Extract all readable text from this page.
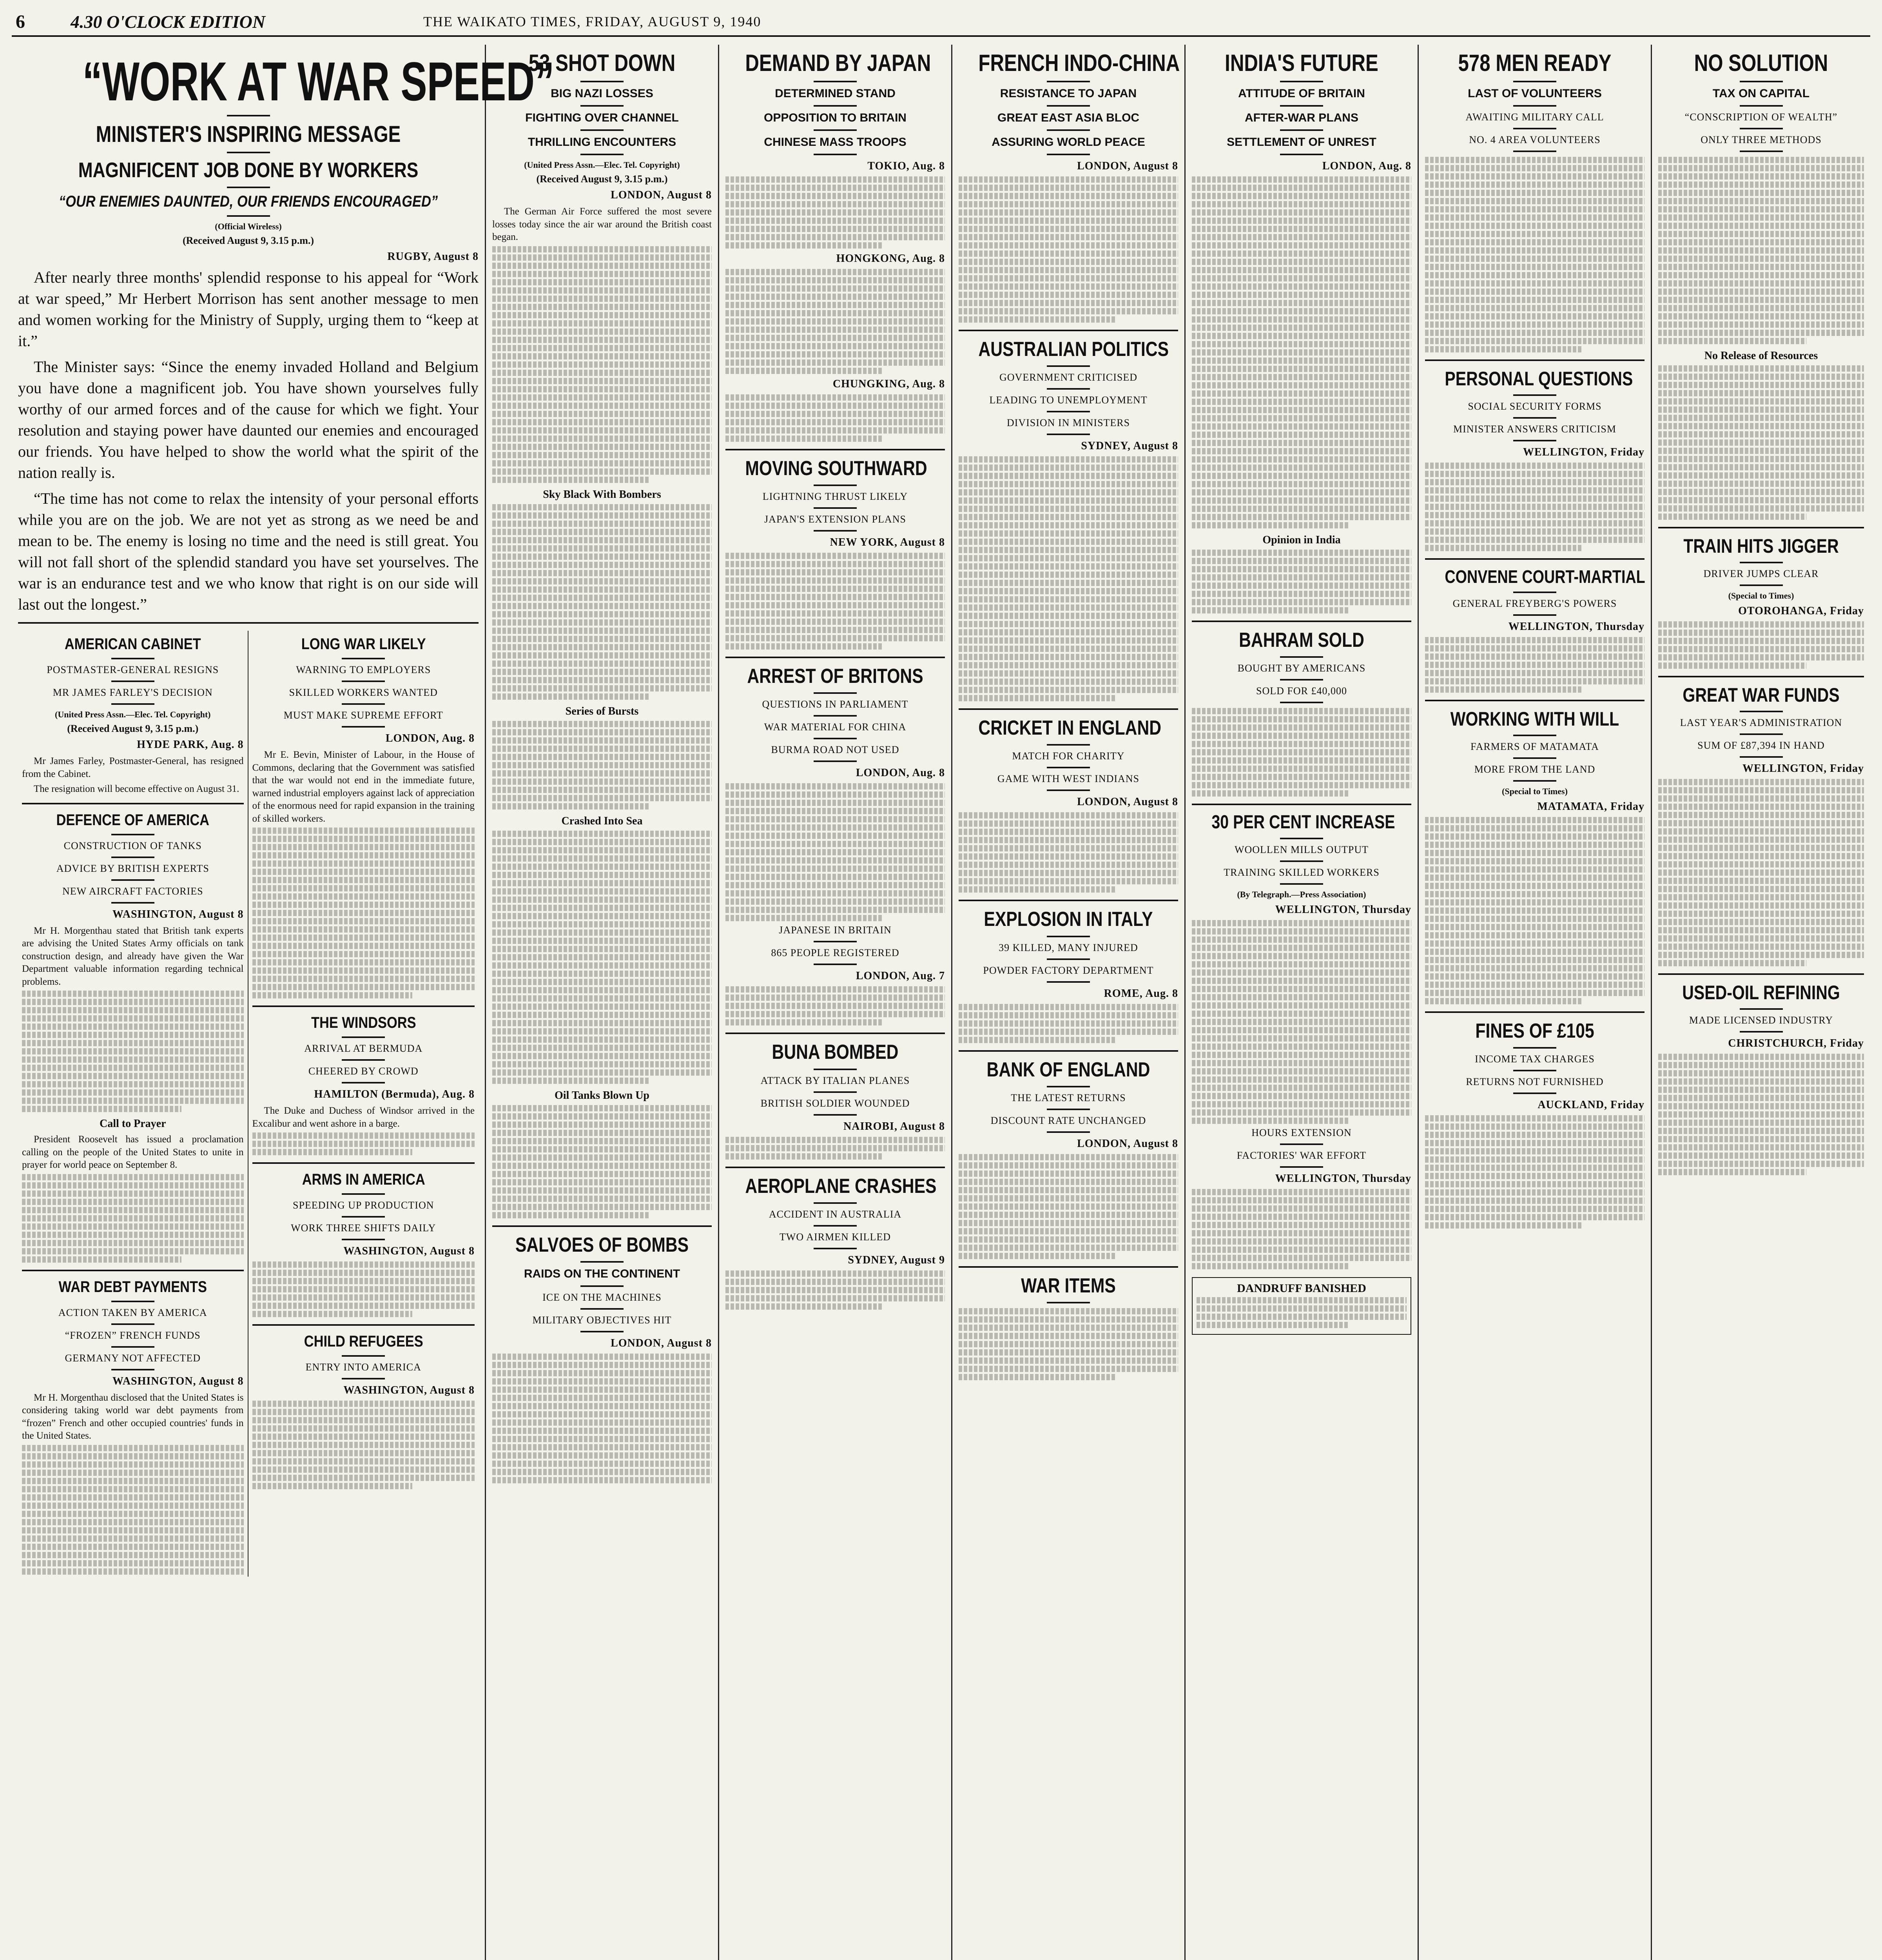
6	4.30 O'CLOCK EDITION	THE WAIKATO TIMES, FRIDAY, AUGUST 9, 1940
“WORK AT WAR SPEED”
MINISTER'S INSPIRING MESSAGE
MAGNIFICENT JOB DONE BY WORKERS
“OUR ENEMIES DAUNTED, OUR FRIENDS ENCOURAGED”
(Official Wireless)
(Received August 9, 3.15 p.m.)
RUGBY, August 8

After nearly three months' splendid response to his appeal for “Work at war speed,” Mr Herbert Morrison has sent another message to men and women working for the Ministry of Supply, urging them to “keep at it.”

The Minister says: “Since the enemy invaded Holland and Belgium you have done a magnificent job. You have shown yourselves fully worthy of our armed forces and of the cause for which we fight. Your resolution and staying power have daunted our enemies and encouraged our friends. You have helped to show the world what the spirit of the nation really is.

“The time has not come to relax the intensity of your personal efforts while you are on the job. We are not yet as strong as we need be and mean to be. The enemy is losing no time and the need is still great. You will not fall short of the splendid standard you have set yourselves. The war is an endurance test and we who know that right is on our side will last out the longest.”

AMERICAN CABINET
POSTMASTER-GENERAL RESIGNS
MR JAMES FARLEY'S DECISION
(United Press Assn.—Elec. Tel. Copyright)
(Received August 9, 3.15 p.m.)
HYDE PARK, Aug. 8

Mr James Farley, Postmaster-General, has resigned from the Cabinet.

The resignation will become effective on August 31.

DEFENCE OF AMERICA
CONSTRUCTION OF TANKS
ADVICE BY BRITISH EXPERTS
NEW AIRCRAFT FACTORIES
WASHINGTON, August 8

Mr H. Morgenthau stated that British tank experts are advising the United States Army officials on tank construction design, and already have given the War Department valuable information regarding technical problems.

Call to Prayer

President Roosevelt has issued a proclamation calling on the people of the United States to unite in prayer for world peace on September 8.

WAR DEBT PAYMENTS
ACTION TAKEN BY AMERICA
“FROZEN” FRENCH FUNDS
GERMANY NOT AFFECTED
WASHINGTON, August 8

Mr H. Morgenthau disclosed that the United States is considering taking world war debt payments from “frozen” French and other occupied countries' funds in the United States.

LONG WAR LIKELY
WARNING TO EMPLOYERS
SKILLED WORKERS WANTED
MUST MAKE SUPREME EFFORT
LONDON, Aug. 8

Mr E. Bevin, Minister of Labour, in the House of Commons, declaring that the Government was satisfied that the war would not end in the immediate future, warned industrial employers against lack of appreciation of the enormous need for rapid expansion in the training of skilled workers.

THE WINDSORS
ARRIVAL AT BERMUDA
CHEERED BY CROWD
HAMILTON (Bermuda), Aug. 8

The Duke and Duchess of Windsor arrived in the Excalibur and went ashore in a barge.

ARMS IN AMERICA
SPEEDING UP PRODUCTION
WORK THREE SHIFTS DAILY
WASHINGTON, August 8
CHILD REFUGEES
ENTRY INTO AMERICA
WASHINGTON, August 8
53 SHOT DOWN
BIG NAZI LOSSES
FIGHTING OVER CHANNEL
THRILLING ENCOUNTERS
(United Press Assn.—Elec. Tel. Copyright)
(Received August 9, 3.15 p.m.)
LONDON, August 8

The German Air Force suffered the most severe losses today since the air war around the British coast began.

Sky Black With Bombers
Series of Bursts
Crashed Into Sea
Oil Tanks Blown Up
SALVOES OF BOMBS
RAIDS ON THE CONTINENT
ICE ON THE MACHINES
MILITARY OBJECTIVES HIT
LONDON, August 8
DEMAND BY JAPAN
DETERMINED STAND
OPPOSITION TO BRITAIN
CHINESE MASS TROOPS
TOKIO, Aug. 8
HONGKONG, Aug. 8
CHUNGKING, Aug. 8
MOVING SOUTHWARD
LIGHTNING THRUST LIKELY
JAPAN'S EXTENSION PLANS
NEW YORK, August 8
ARREST OF BRITONS
QUESTIONS IN PARLIAMENT
WAR MATERIAL FOR CHINA
BURMA ROAD NOT USED
LONDON, Aug. 8
JAPANESE IN BRITAIN
865 PEOPLE REGISTERED
LONDON, Aug. 7
BUNA BOMBED
ATTACK BY ITALIAN PLANES
BRITISH SOLDIER WOUNDED
NAIROBI, August 8
AEROPLANE CRASHES
ACCIDENT IN AUSTRALIA
TWO AIRMEN KILLED
SYDNEY, August 9
FRENCH INDO-CHINA
RESISTANCE TO JAPAN
GREAT EAST ASIA BLOC
ASSURING WORLD PEACE
LONDON, August 8
AUSTRALIAN POLITICS
GOVERNMENT CRITICISED
LEADING TO UNEMPLOYMENT
DIVISION IN MINISTERS
SYDNEY, August 8
CRICKET IN ENGLAND
MATCH FOR CHARITY
GAME WITH WEST INDIANS
LONDON, August 8
EXPLOSION IN ITALY
39 KILLED, MANY INJURED
POWDER FACTORY DEPARTMENT
ROME, Aug. 8
BANK OF ENGLAND
THE LATEST RETURNS
DISCOUNT RATE UNCHANGED
LONDON, August 8
WAR ITEMS
INDIA'S FUTURE
ATTITUDE OF BRITAIN
AFTER-WAR PLANS
SETTLEMENT OF UNREST
LONDON, Aug. 8
Opinion in India
BAHRAM SOLD
BOUGHT BY AMERICANS
SOLD FOR £40,000
30 PER CENT INCREASE
WOOLLEN MILLS OUTPUT
TRAINING SKILLED WORKERS
(By Telegraph.—Press Association)
WELLINGTON, Thursday
HOURS EXTENSION
FACTORIES' WAR EFFORT
WELLINGTON, Thursday
DANDRUFF BANISHED
578 MEN READY
LAST OF VOLUNTEERS
AWAITING MILITARY CALL
NO. 4 AREA VOLUNTEERS
PERSONAL QUESTIONS
SOCIAL SECURITY FORMS
MINISTER ANSWERS CRITICISM
WELLINGTON, Friday
CONVENE COURT-MARTIAL
GENERAL FREYBERG'S POWERS
WELLINGTON, Thursday
WORKING WITH WILL
FARMERS OF MATAMATA
MORE FROM THE LAND
(Special to Times)
MATAMATA, Friday
FINES OF £105
INCOME TAX CHARGES
RETURNS NOT FURNISHED
AUCKLAND, Friday
NO SOLUTION
TAX ON CAPITAL
“CONSCRIPTION OF WEALTH”
ONLY THREE METHODS
No Release of Resources
TRAIN HITS JIGGER
DRIVER JUMPS CLEAR
(Special to Times)
OTOROHANGA, Friday
GREAT WAR FUNDS
LAST YEAR'S ADMINISTRATION
SUM OF £87,394 IN HAND
WELLINGTON, Friday
USED-OIL REFINING
MADE LICENSED INDUSTRY
CHRISTCHURCH, Friday
